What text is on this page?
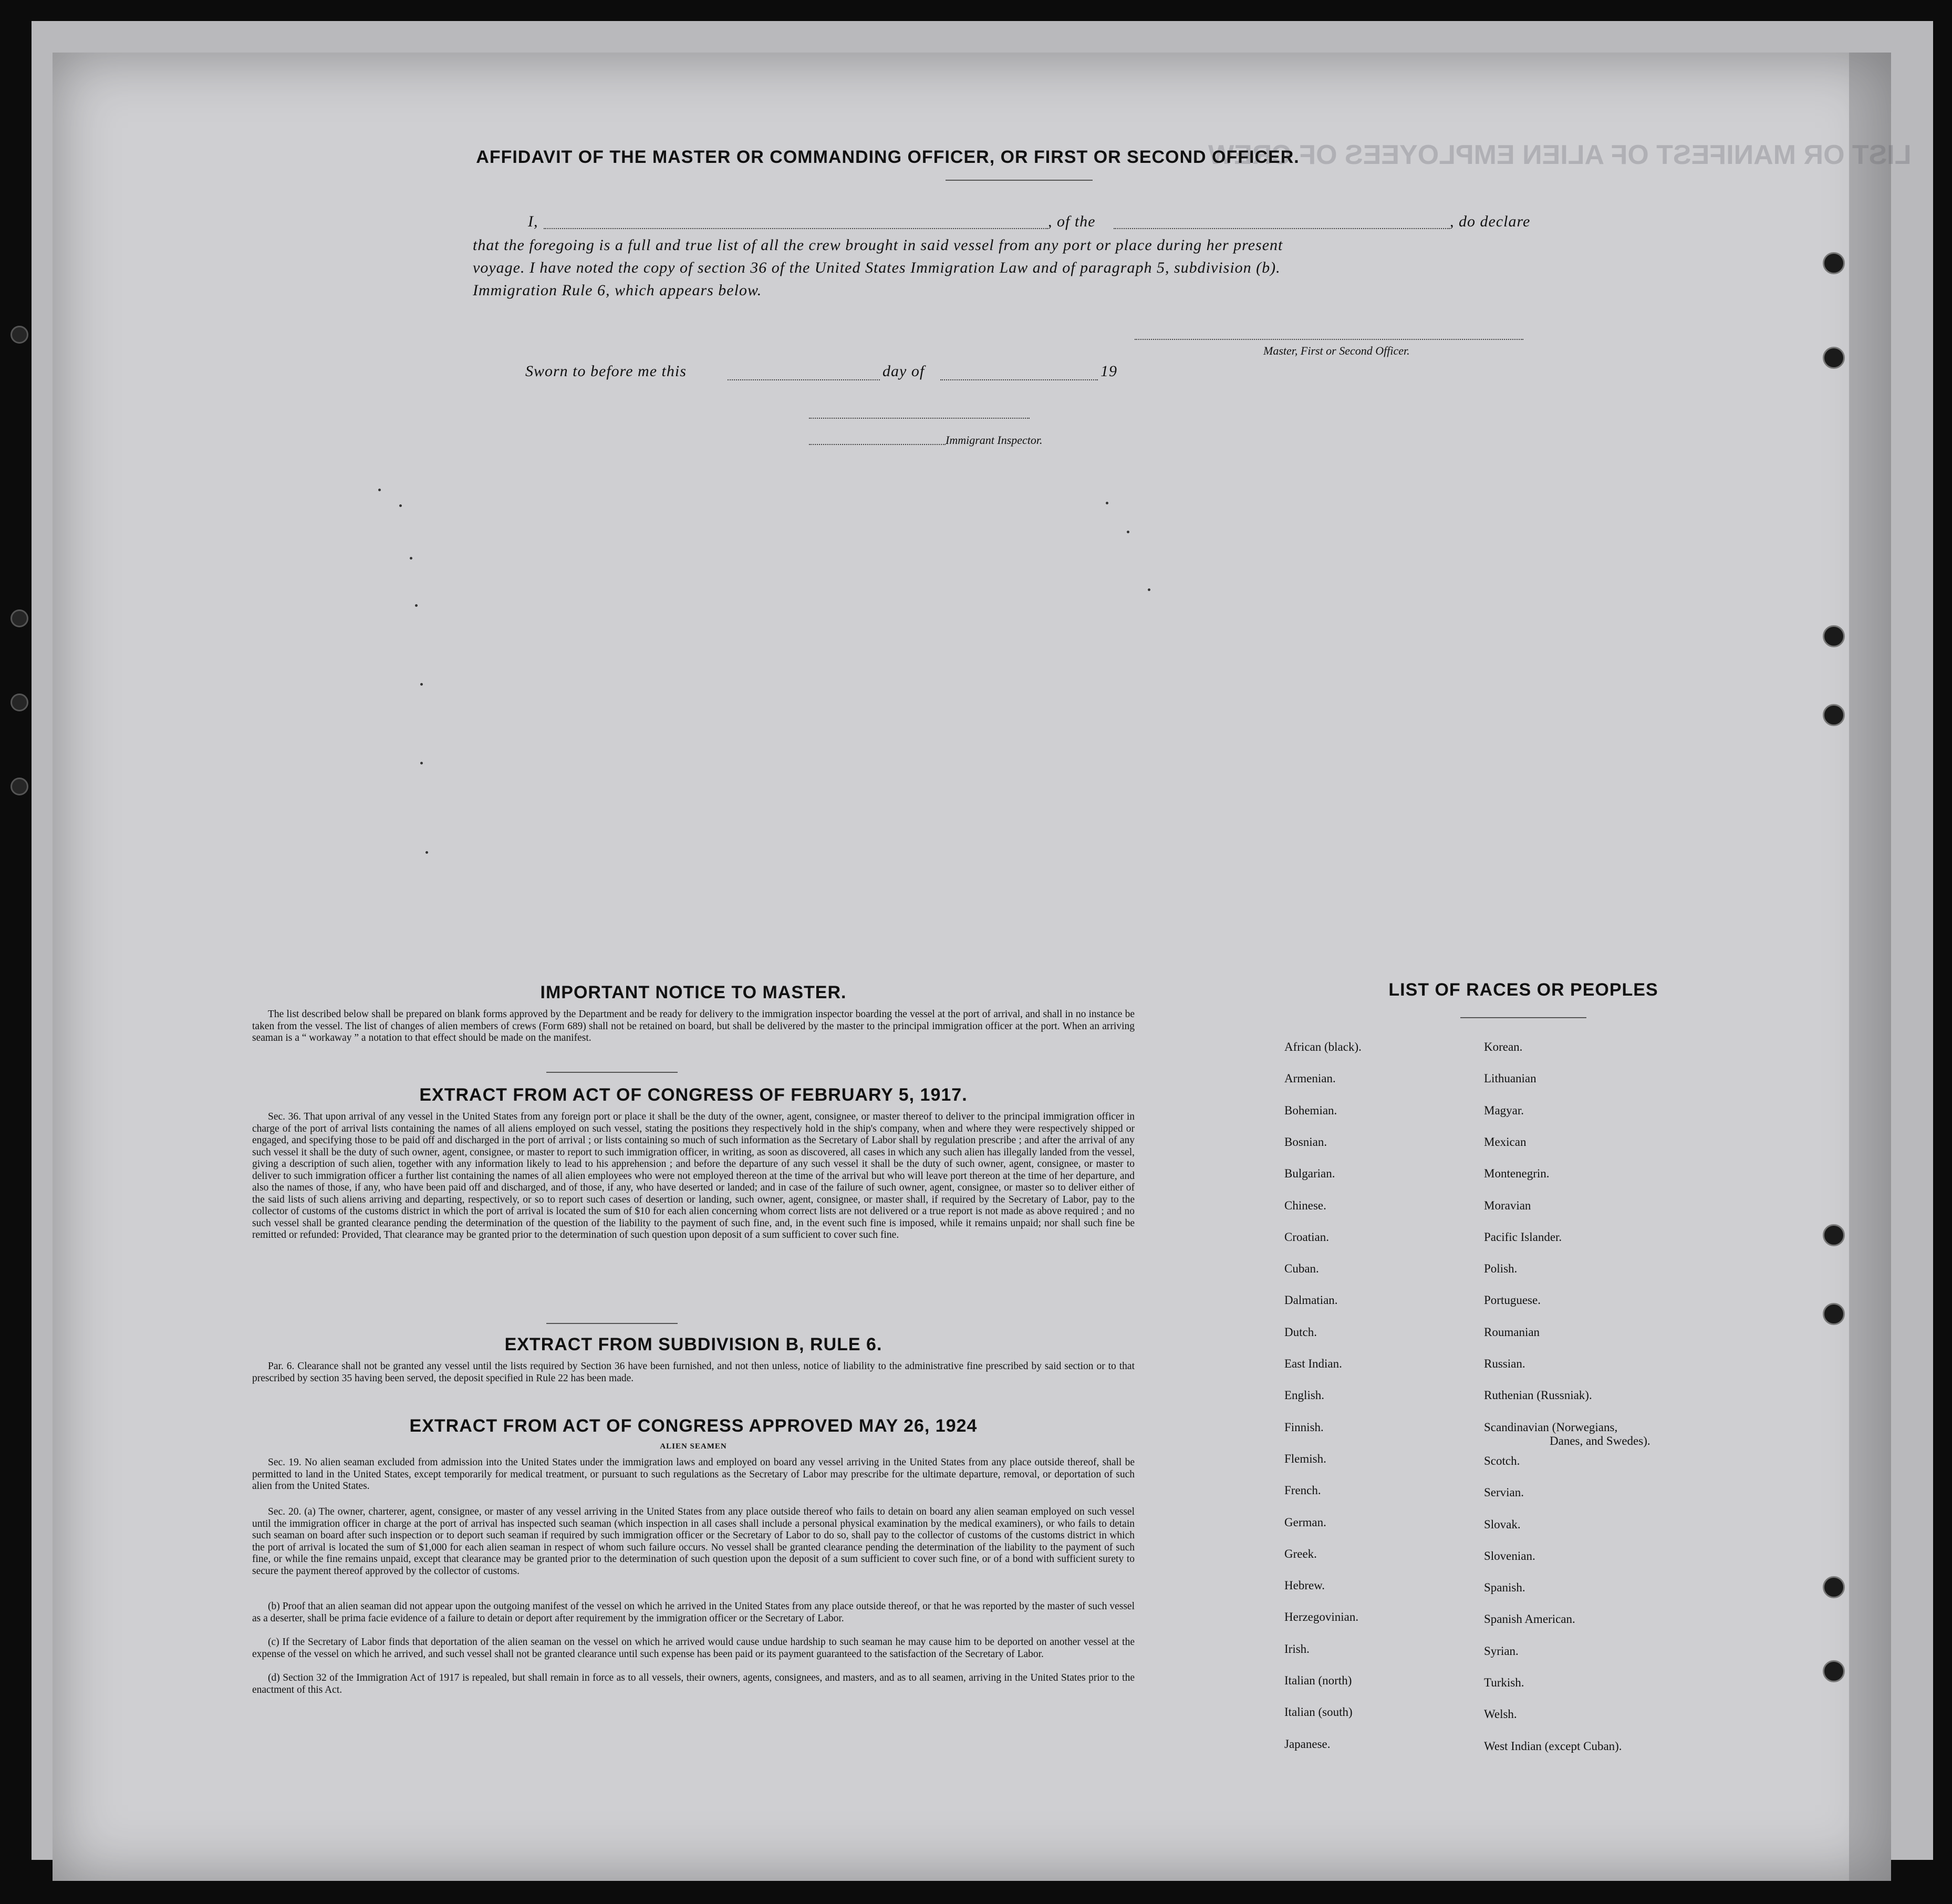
LIST OR MANIFEST OF ALIEN EMPLOYEES OF CREW
AFFIDAVIT OF THE MASTER OR COMMANDING OFFICER, OR FIRST OR SECOND OFFICER.
I,	, of the	, do declare
that the foregoing is a full and true list of all the crew brought in said vessel from any port or place during her present
voyage. I have noted the copy of section 36 of the United States Immigration Law and of paragraph 5, subdivision (b).
Immigration Rule 6, which appears below.
Master, First or Second Officer.
Sworn to before me this	day of	19
Immigrant Inspector.
IMPORTANT NOTICE TO MASTER.
The list described below shall be prepared on blank forms approved by the Department and be ready for delivery to the immigration inspector boarding the vessel at the port of arrival, and shall in no instance be taken from the vessel. The list of changes of alien members of crews (Form 689) shall not be retained on board, but shall be delivered by the master to the principal immigration officer at the port. When an arriving seaman is a “ workaway ” a notation to that effect should be made on the manifest.
EXTRACT FROM ACT OF CONGRESS OF FEBRUARY 5, 1917.
Sec. 36. That upon arrival of any vessel in the United States from any foreign port or place it shall be the duty of the owner, agent, consignee, or master thereof to deliver to the principal immigration officer in charge of the port of arrival lists containing the names of all aliens employed on such vessel, stating the positions they respectively hold in the ship's company, when and where they were respectively shipped or engaged, and specifying those to be paid off and discharged in the port of arrival ; or lists containing so much of such information as the Secretary of Labor shall by regulation prescribe ; and after the arrival of any such vessel it shall be the duty of such owner, agent, consignee, or master to report to such immigration officer, in writing, as soon as discovered, all cases in which any such alien has illegally landed from the vessel, giving a description of such alien, together with any information likely to lead to his apprehension ; and before the departure of any such vessel it shall be the duty of such owner, agent, consignee, or master to deliver to such immigration officer a further list containing the names of all alien employees who were not employed thereon at the time of the arrival but who will leave port thereon at the time of her departure, and also the names of those, if any, who have been paid off and discharged, and of those, if any, who have deserted or landed; and in case of the failure of such owner, agent, consignee, or master so to deliver either of the said lists of such aliens arriving and departing, respectively, or so to report such cases of desertion or landing, such owner, agent, consignee, or master shall, if required by the Secretary of Labor, pay to the collector of customs of the customs district in which the port of arrival is located the sum of $10 for each alien concerning whom correct lists are not delivered or a true report is not made as above required ; and no such vessel shall be granted clearance pending the determination of the question of the liability to the payment of such fine, and, in the event such fine is imposed, while it remains unpaid; nor shall such fine be remitted or refunded: Provided, That clearance may be granted prior to the determination of such question upon deposit of a sum sufficient to cover such fine.
EXTRACT FROM SUBDIVISION B, RULE 6.
Par. 6. Clearance shall not be granted any vessel until the lists required by Section 36 have been furnished, and not then unless, notice of liability to the administrative fine prescribed by said section or to that prescribed by section 35 having been served, the deposit specified in Rule 22 has been made.
EXTRACT FROM ACT OF CONGRESS APPROVED MAY 26, 1924
ALIEN SEAMEN
Sec. 19. No alien seaman excluded from admission into the United States under the immigration laws and employed on board any vessel arriving in the United States from any place outside thereof, shall be permitted to land in the United States, except temporarily for medical treatment, or pursuant to such regulations as the Secretary of Labor may prescribe for the ultimate departure, removal, or deportation of such alien from the United States.
Sec. 20. (a) The owner, charterer, agent, consignee, or master of any vessel arriving in the United States from any place outside thereof who fails to detain on board any alien seaman employed on such vessel until the immigration officer in charge at the port of arrival has inspected such seaman (which inspection in all cases shall include a personal physical examination by the medical examiners), or who fails to detain such seaman on board after such inspection or to deport such seaman if required by such immigration officer or the Secretary of Labor to do so, shall pay to the collector of customs of the customs district in which the port of arrival is located the sum of $1,000 for each alien seaman in respect of whom such failure occurs. No vessel shall be granted clearance pending the determination of the liability to the payment of such fine, or while the fine remains unpaid, except that clearance may be granted prior to the determination of such question upon the deposit of a sum sufficient to cover such fine, or of a bond with sufficient surety to secure the payment thereof approved by the collector of customs.
(b) Proof that an alien seaman did not appear upon the outgoing manifest of the vessel on which he arrived in the United States from any place outside thereof, or that he was reported by the master of such vessel as a deserter, shall be prima facie evidence of a failure to detain or deport after requirement by the immigration officer or the Secretary of Labor.
(c) If the Secretary of Labor finds that deportation of the alien seaman on the vessel on which he arrived would cause undue hardship to such seaman he may cause him to be deported on another vessel at the expense of the vessel on which he arrived, and such vessel shall not be granted clearance until such expense has been paid or its payment guaranteed to the satisfaction of the Secretary of Labor.
(d) Section 32 of the Immigration Act of 1917 is repealed, but shall remain in force as to all vessels, their owners, agents, consignees, and masters, and as to all seamen, arriving in the United States prior to the enactment of this Act.
LIST OF RACES OR PEOPLES
African (black).
Armenian.
Bohemian.
Bosnian.
Bulgarian.
Chinese.
Croatian.
Cuban.
Dalmatian.
Dutch.
East Indian.
English.
Finnish.
Flemish.
French.
German.
Greek.
Hebrew.
Herzegovinian.
Irish.
Italian (north)
Italian (south)
Japanese.
Korean.
Lithuanian
Magyar.
Mexican
Montenegrin.
Moravian
Pacific Islander.
Polish.
Portuguese.
Roumanian
Russian.
Ruthenian (Russniak).
Scandinavian (Norwegians,
Scotch.
Servian.
Slovak.
Slovenian.
Spanish.
Spanish American.
Syrian.
Turkish.
Welsh.
West Indian (except Cuban).
Danes, and Swedes).
